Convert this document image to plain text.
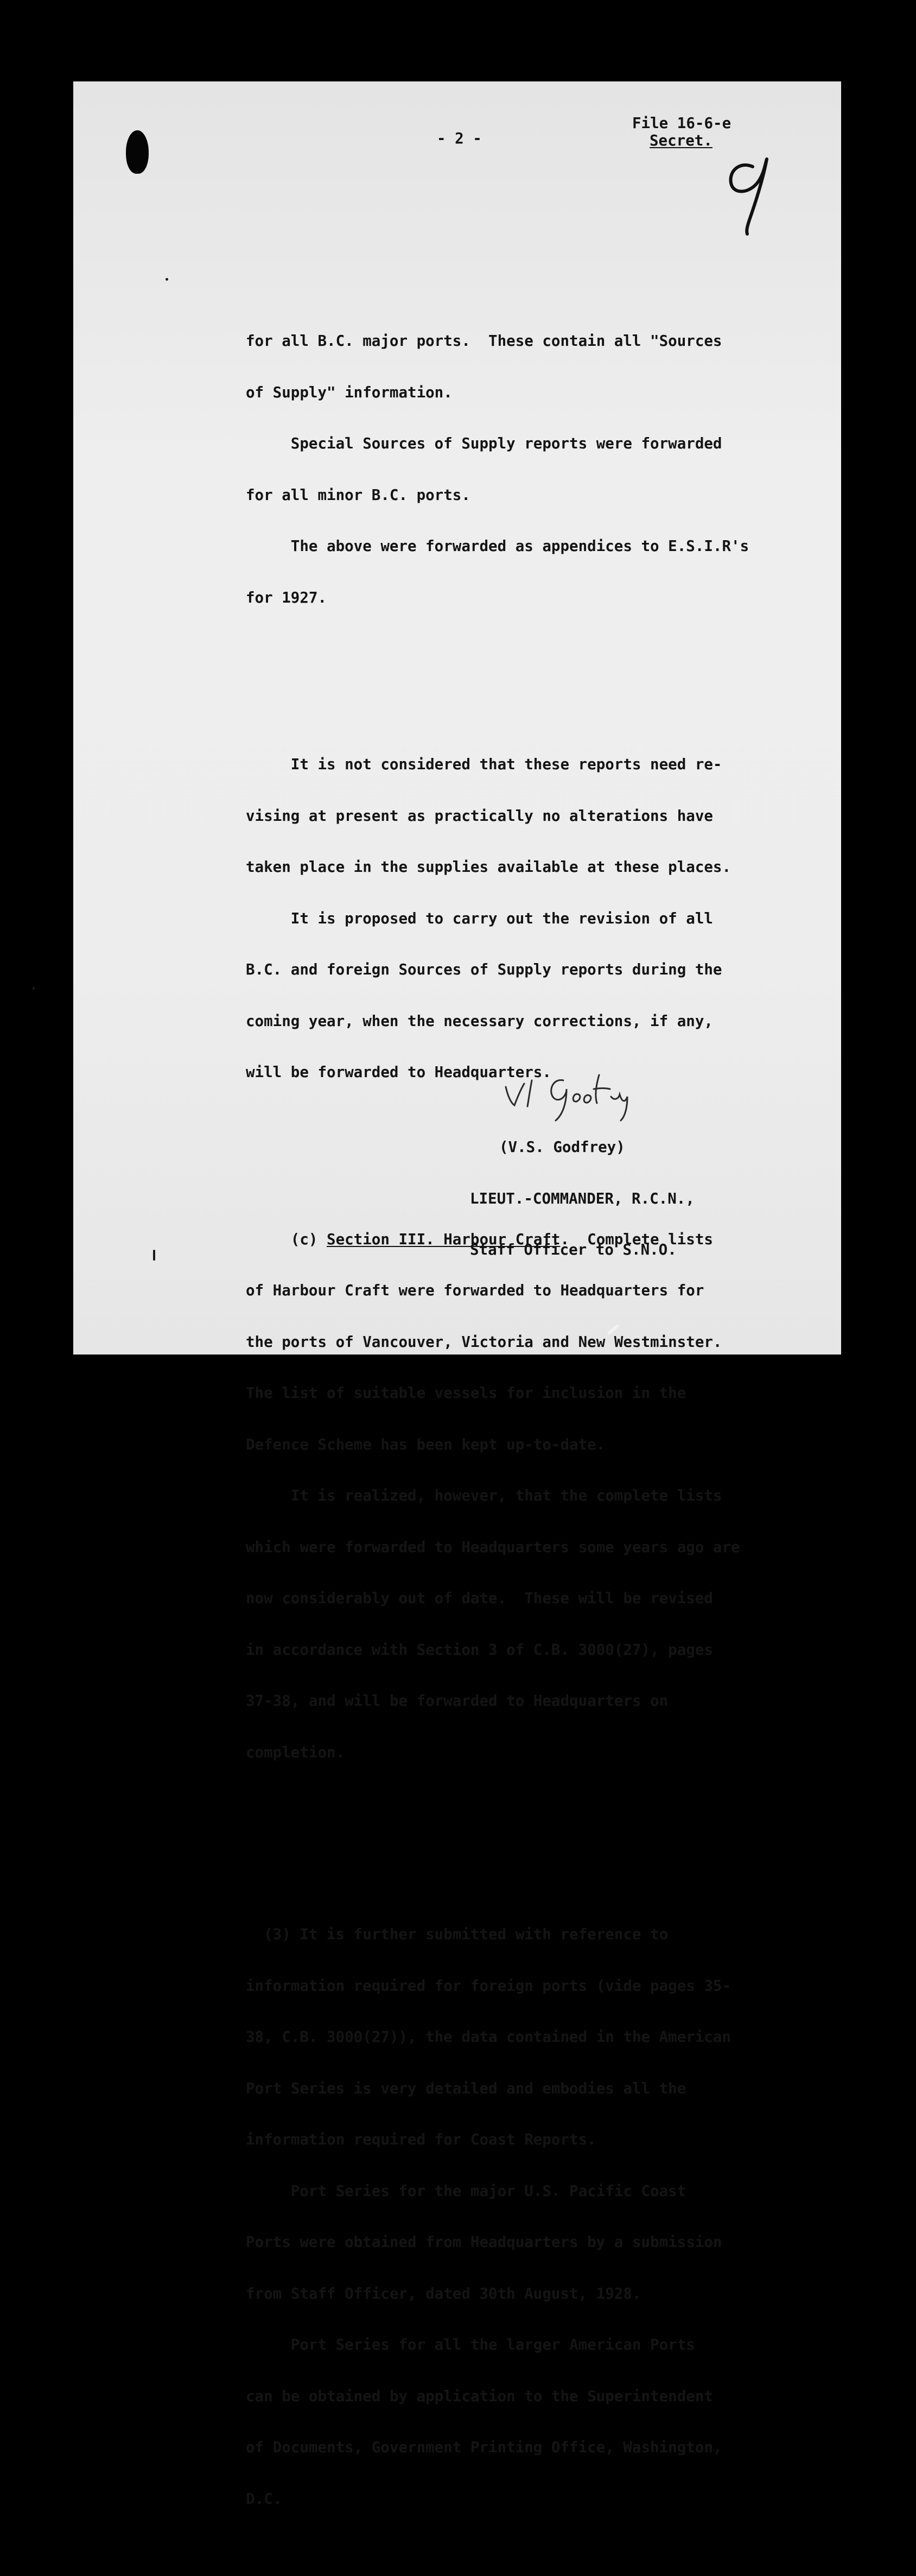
- 2 -
File 16-6-e
Secret.

for all B.C. major ports.  These contain all "Sources

of Supply" information.

Special Sources of Supply reports were forwarded

for all minor B.C. ports.

The above were forwarded as appendices to E.S.I.R's

for 1927.

It is not considered that these reports need re-

vising at present as practically no alterations have

taken place in the supplies available at these places.

It is proposed to carry out the revision of all

B.C. and foreign Sources of Supply reports during the

coming year, when the necessary corrections, if any,

will be forwarded to Headquarters.

(c) Section III. Harbour Craft.  Complete lists

of Harbour Craft were forwarded to Headquarters for

the ports of Vancouver, Victoria and New Westminster.

The list of suitable vessels for inclusion in the

Defence Scheme has been kept up-to-date.

It is realized, however, that the complete lists

which were forwarded to Headquarters some years ago are

now considerably out of date.  These will be revised

in accordance with Section 3 of C.B. 3000(27), pages

37-38, and will be forwarded to Headquarters on

completion.

(3) It is further submitted with reference to

information required for foreign ports (vide pages 35-

38, C.B. 3000(27)), the data contained in the American

Port Series is very detailed and embodies all the

information required for Coast Reports.

Port Series for the major U.S. Pacific Coast

Ports were obtained from Headquarters by a submission

from Staff Officer, dated 30th August, 1928.

Port Series for all the larger American Ports

can be obtained by application to the Superintendent

of Documents, Government Printing Office, Washington,

D.C.

(V.S. Godfrey)

LIEUT.-COMMANDER, R.C.N.,

Staff Officer to S.N.O.
